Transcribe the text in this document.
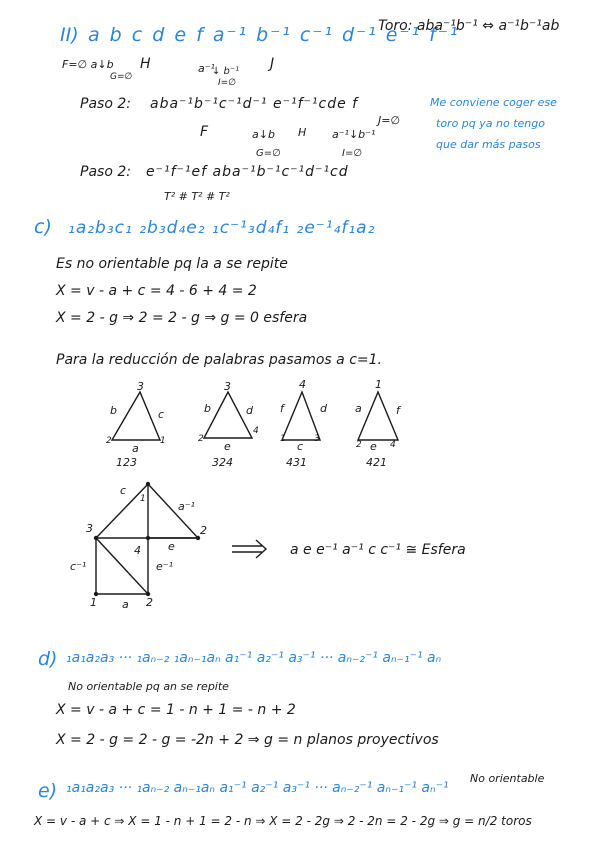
II) a b c d e f a⁻¹ b⁻¹ c⁻¹ d⁻¹ e⁻¹ f⁻¹
Toro: aba⁻¹b⁻¹ ⇔ a⁻¹b⁻¹ab
F=∅ a↓b
G=∅
H	a⁻¹
↓ b⁻¹
I=∅
J
Paso 2: aba⁻¹b⁻¹c⁻¹d⁻¹ e⁻¹f⁻¹cde f
F	a↓b H
G=∅
a⁻¹↓b⁻¹
I=∅
J=∅
Me conviene coger ese
toro pq ya no tengo
que dar más pasos
Paso 2: e⁻¹f⁻¹ef aba⁻¹b⁻¹c⁻¹d⁻¹cd
T² # T² # T²
c) ₁a₂b₃c₁ ₂b₃d₄e₂ ₁c⁻¹₃d₄f₁ ₂e⁻¹₄f₁a₂
Es no orientable pq la a se repite
X = v - a + c = 4 - 6 + 4 = 2
X = 2 - g ⇒ 2 = 2 - g ⇒ g = 0 esfera
Para la reducción de palabras pasamos a c=1.
3
b	c
a
2	1
123
3
b	d
e
2
4
324
4
f	d
c
1	3
431
1
a	f
e
2	4
421
c
a⁻¹
1
2
3
4 e
c⁻¹	e⁻¹
1 a 2
a e e⁻¹ a⁻¹ c c⁻¹ ≅ Esfera
d) ₁a₁a₂a₃ ··· ₁aₙ₋₂ ₁aₙ₋₁aₙ a₁⁻¹ a₂⁻¹ a₃⁻¹ ··· aₙ₋₂⁻¹ aₙ₋₁⁻¹ aₙ
No orientable pq an se repite
X = v - a + c = 1 - n + 1 = - n + 2
X = 2 - g = 2 - g = -2n + 2 ⇒ g = n planos proyectivos
e) ₁a₁a₂a₃ ··· ₁aₙ₋₂ aₙ₋₁aₙ a₁⁻¹ a₂⁻¹ a₃⁻¹ ··· aₙ₋₂⁻¹ aₙ₋₁⁻¹ aₙ⁻¹
No orientable
X = v - a + c ⇒ X = 1 - n + 1 = 2 - n ⇒ X = 2 - 2g ⇒ 2 - 2n = 2 - 2g ⇒ g = n/2 toros
